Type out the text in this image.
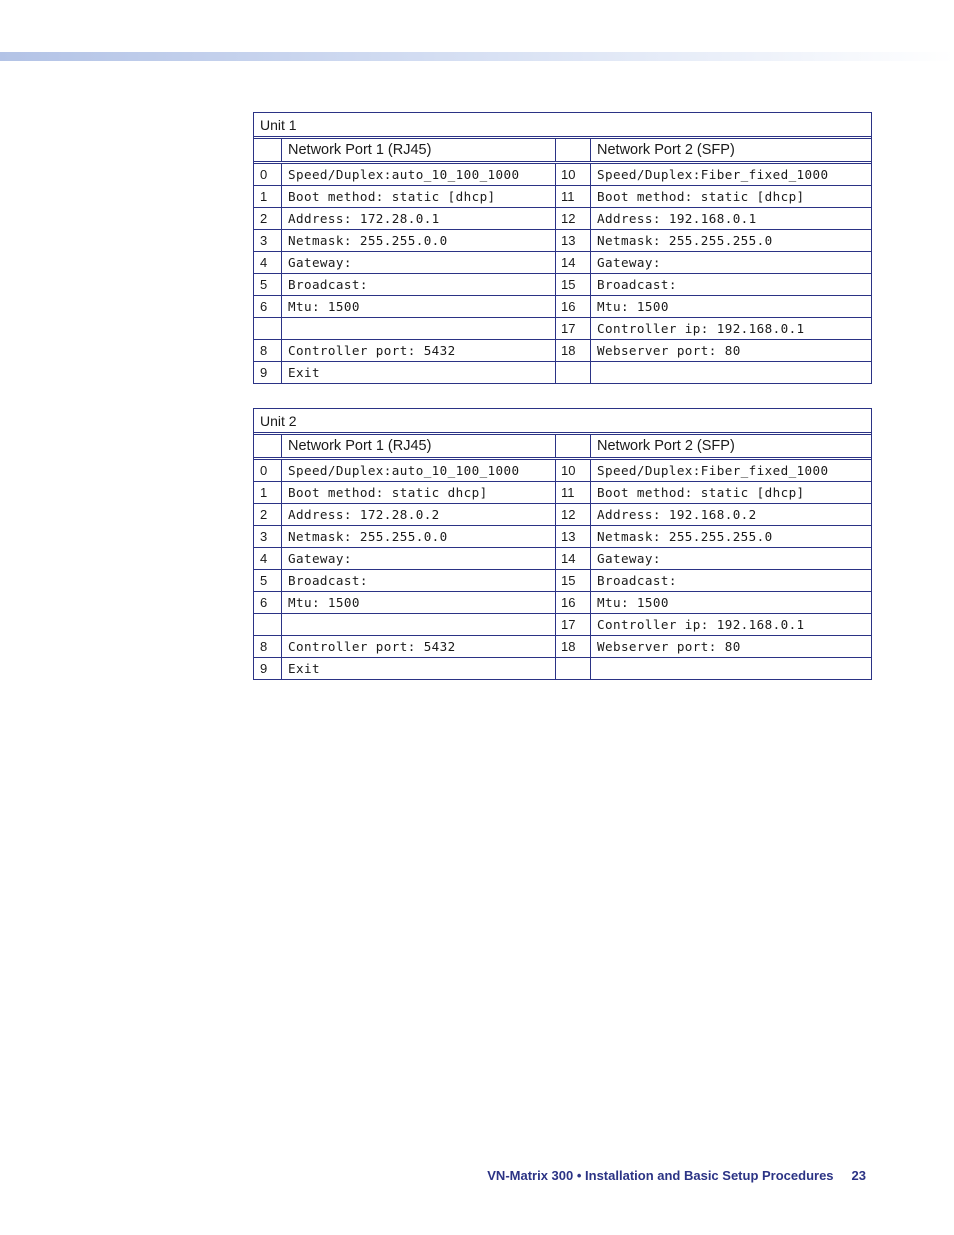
Unit 1			

	Network Port 1 (RJ45)		Network Port 2 (SFP)

0	Speed/Duplex:auto_10_100_1000	10	Speed/Duplex:Fiber_fixed_1000
1	Boot method: static [dhcp]	11	Boot method: static [dhcp]
2	Address: 172.28.0.1	12	Address: 192.168.0.1
3	Netmask: 255.255.0.0	13	Netmask: 255.255.255.0
4	Gateway:	14	Gateway:
5	Broadcast:	15	Broadcast:
6	Mtu: 1500	16	Mtu: 1500
		17	Controller ip: 192.168.0.1
8	Controller port: 5432	18	Webserver port: 80
9	Exit		
Unit 2			

	Network Port 1 (RJ45)		Network Port 2 (SFP)

0	Speed/Duplex:auto_10_100_1000	10	Speed/Duplex:Fiber_fixed_1000
1	Boot method: static dhcp]	11	Boot method: static [dhcp]
2	Address: 172.28.0.2	12	Address: 192.168.0.2
3	Netmask: 255.255.0.0	13	Netmask: 255.255.255.0
4	Gateway:	14	Gateway:
5	Broadcast:	15	Broadcast:
6	Mtu: 1500	16	Mtu: 1500
		17	Controller ip: 192.168.0.1
8	Controller port: 5432	18	Webserver port: 80
9	Exit		
VN-Matrix 300 • Installation and Basic Setup Procedures 23
